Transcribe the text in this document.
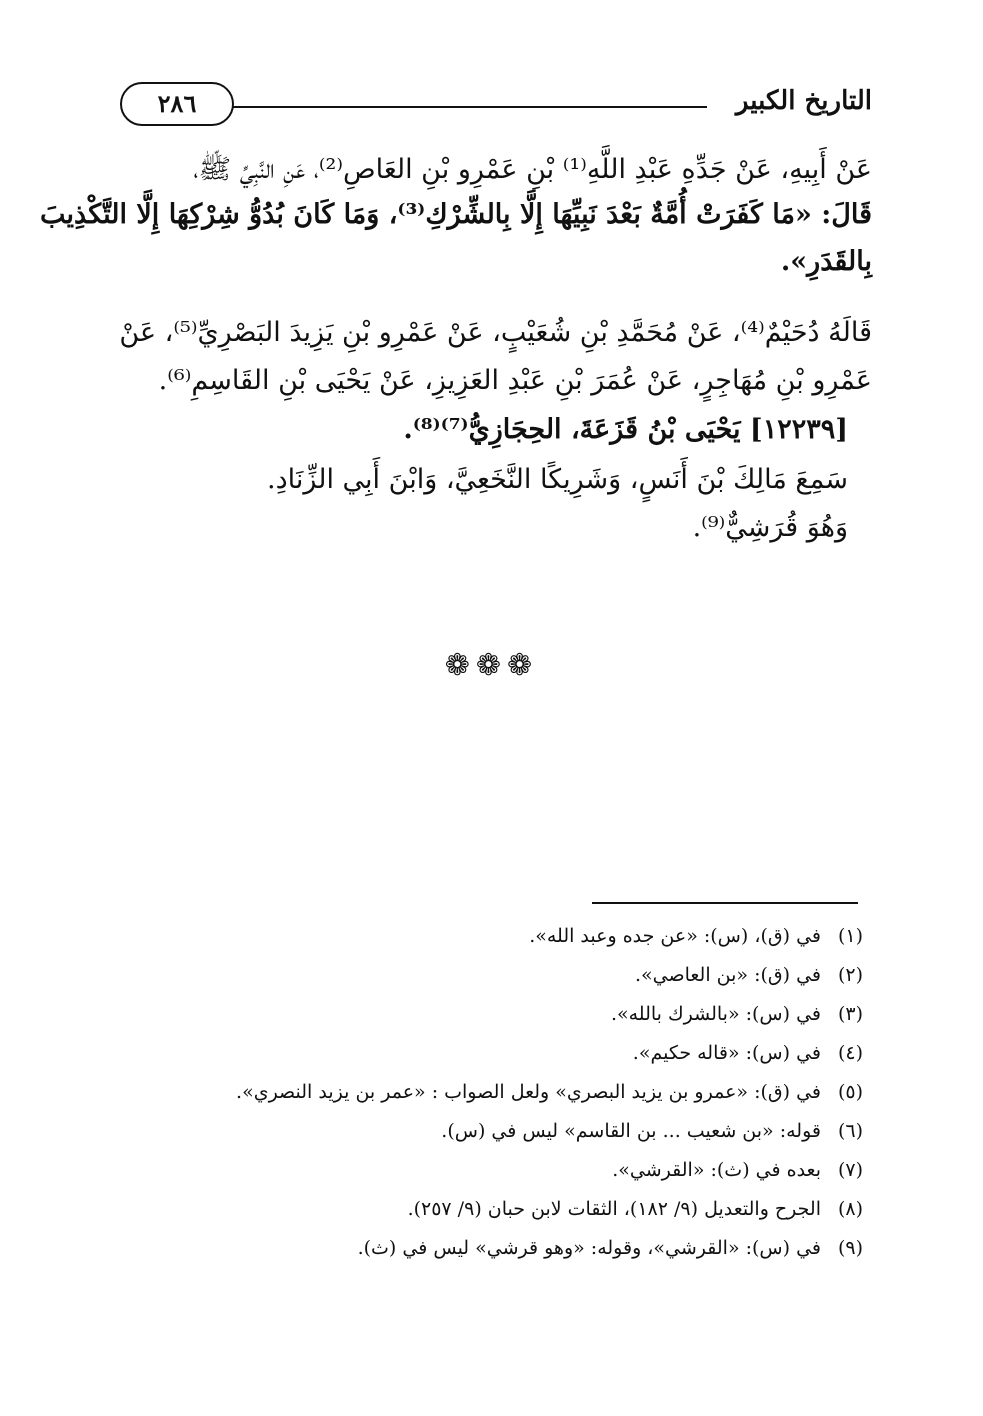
٢٨٦	التاريخ الكبير
عَنْ أَبِيهِ، عَنْ جَدِّهِ عَبْدِ اللَّهِ⁽¹⁾ بْنِ عَمْرِو بْنِ العَاصِ⁽²⁾، عَنِ النَّبِيِّ ﷺ،
قَالَ: «مَا كَفَرَتْ أُمَّةٌ بَعْدَ نَبِيِّهَا إِلَّا بِالشِّرْكِ⁽³⁾، وَمَا كَانَ بُدُوُّ شِرْكِهَا إِلَّا التَّكْذِيبَ
بِالقَدَرِ».
قَالَهُ دُحَيْمٌ⁽⁴⁾، عَنْ مُحَمَّدِ بْنِ شُعَيْبٍ، عَنْ عَمْرِو بْنِ يَزِيدَ البَصْرِيِّ⁽⁵⁾، عَنْ
عَمْرِو بْنِ مُهَاجِرٍ، عَنْ عُمَرَ بْنِ عَبْدِ العَزِيزِ، عَنْ يَحْيَى بْنِ القَاسِمِ⁽⁶⁾.
[١٢٢٣٩] يَحْيَى بْنُ قَزَعَةَ، الحِجَازِيُّ⁽⁷⁾⁽⁸⁾.
سَمِعَ مَالِكَ بْنَ أَنَسٍ، وَشَرِيكًا النَّخَعِيَّ، وَابْنَ أَبِي الزِّنَادِ.
وَهُوَ قُرَشِيٌّ⁽⁹⁾.
❁❁❁
(١)في (ق)، (س): «عن جده وعبد الله».
(٢)في (ق): «بن العاصي».
(٣)في (س): «بالشرك بالله».
(٤)في (س): «قاله حكيم».
(٥)في (ق): «عمرو بن يزيد البصري» ولعل الصواب : «عمر بن يزيد النصري».
(٦)قوله: «بن شعيب ... بن القاسم» ليس في (س).
(٧)بعده في (ث): «القرشي».
(٨)الجرح والتعديل (٩/ ١٨٢)، الثقات لابن حبان (٩/ ٢٥٧).
(٩)في (س): «القرشي»، وقوله: «وهو قرشي» ليس في (ث).
